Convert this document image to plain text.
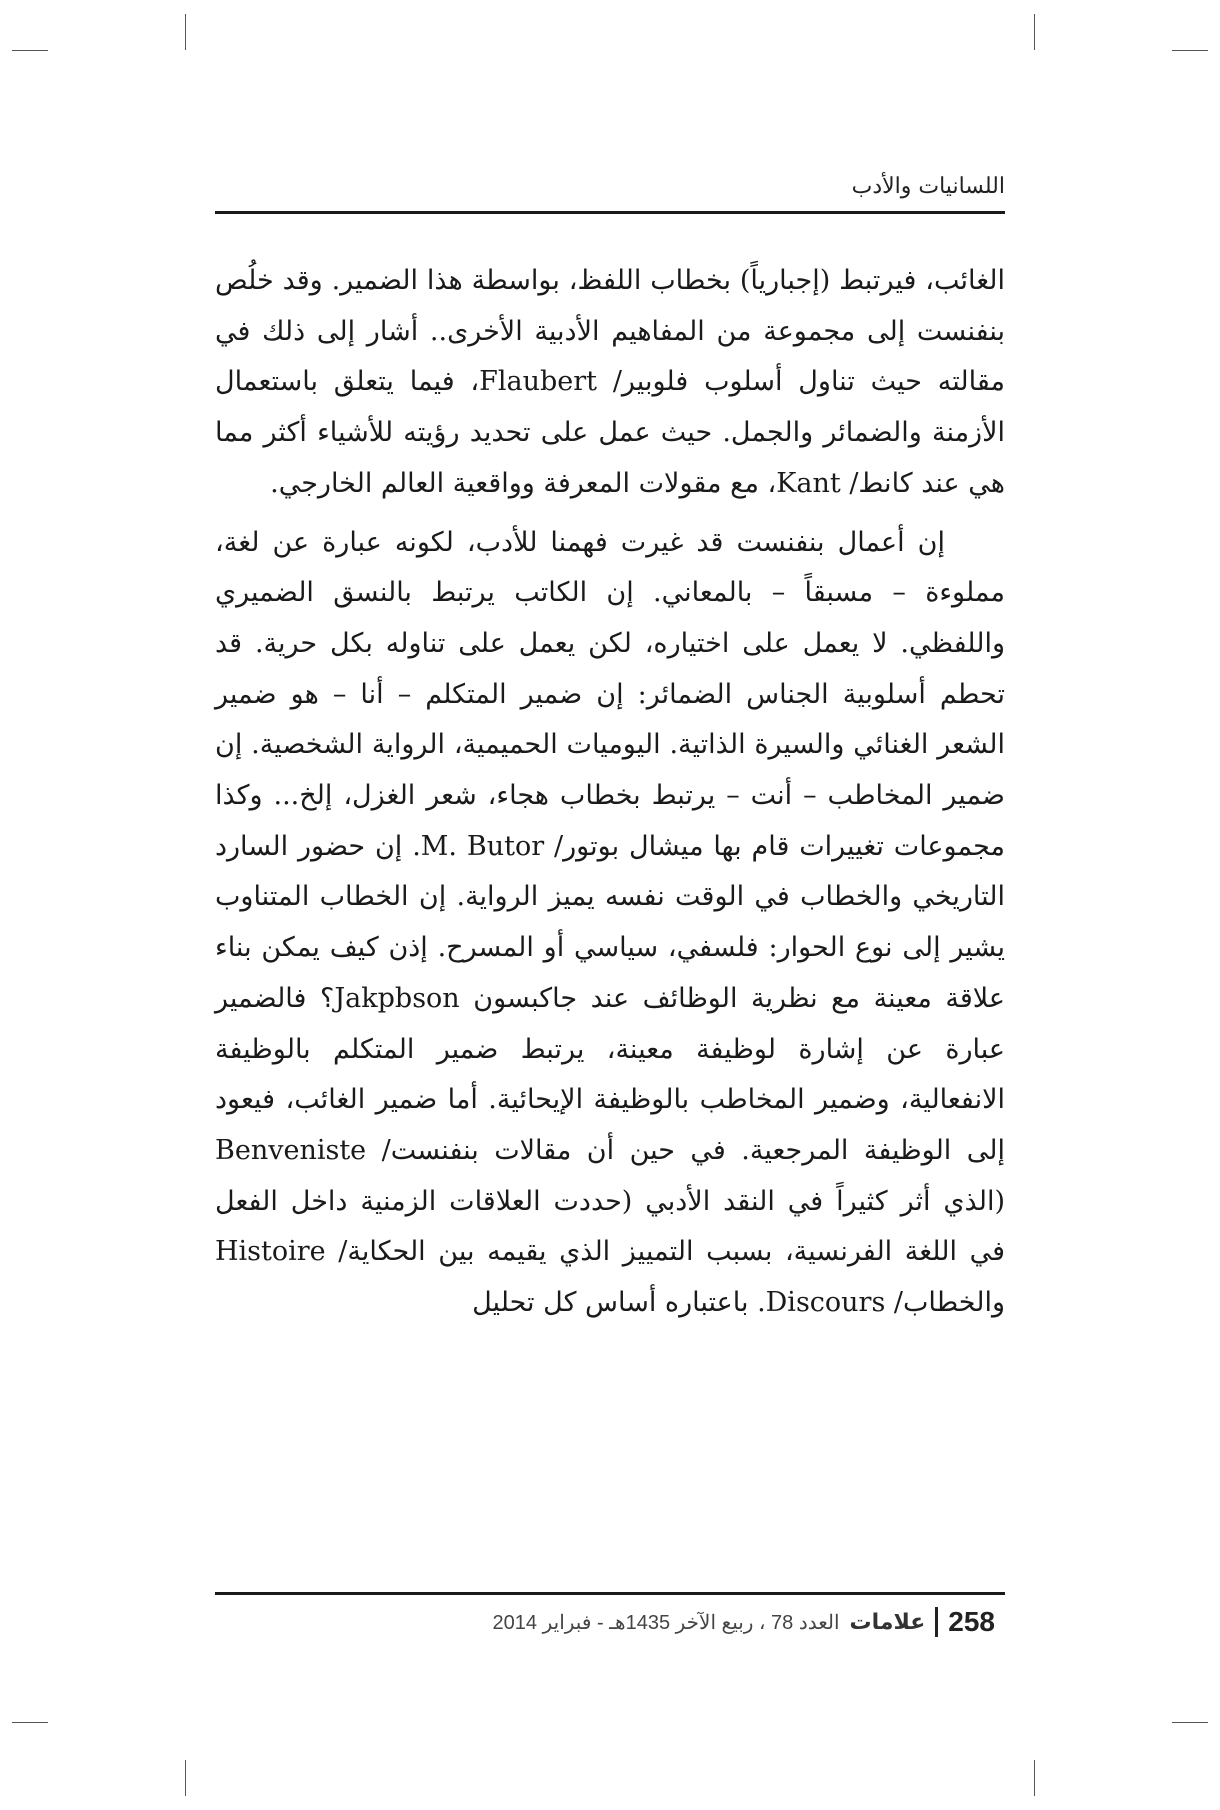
اللسانيات والأدب

الغائب، فيرتبط (إجبارياً) بخطاب اللفظ، بواسطة هذا الضمير. وقد خلُص بنفنست إلى مجموعة من المفاهيم الأدبية الأخرى.. أشار إلى ذلك في مقالته حيث تناول أسلوب فلوبير/ Flaubert، فيما يتعلق باستعمال الأزمنة والضمائر والجمل. حيث عمل على تحديد رؤيته للأشياء أكثر مما هي عند كانط/ Kant، مع مقولات المعرفة وواقعية العالم الخارجي.

إن أعمال بنفنست قد غيرت فهمنا للأدب، لكونه عبارة عن لغة، مملوءة – مسبقاً – بالمعاني. إن الكاتب يرتبط بالنسق الضميري واللفظي. لا يعمل على اختياره، لكن يعمل على تناوله بكل حرية. قد تحطم أسلوبية الجناس الضمائر: إن ضمير المتكلم – أنا – هو ضمير الشعر الغنائي والسيرة الذاتية. اليوميات الحميمية، الرواية الشخصية. إن ضمير المخاطب – أنت – يرتبط بخطاب هجاء، شعر الغزل، إلخ... وكذا مجموعات تغييرات قام بها ميشال بوتور/ M. Butor. إن حضور السارد التاريخي والخطاب في الوقت نفسه يميز الرواية. إن الخطاب المتناوب يشير إلى نوع الحوار: فلسفي، سياسي أو المسرح. إذن كيف يمكن بناء علاقة معينة مع نظرية الوظائف عند جاكبسون Jakpbson؟ فالضمير عبارة عن إشارة لوظيفة معينة، يرتبط ضمير المتكلم بالوظيفة الانفعالية، وضمير المخاطب بالوظيفة الإيحائية. أما ضمير الغائب، فيعود إلى الوظيفة المرجعية. في حين أن مقالات بنفنست/ Benveniste (الذي أثر كثيراً في النقد الأدبي (حددت العلاقات الزمنية داخل الفعل في اللغة الفرنسية، بسبب التمييز الذي يقيمه بين الحكاية/ Histoire والخطاب/ Discours. باعتباره أساس كل تحليل

258
علامات
العدد 78 ، ربيع الآخر 1435هـ - فبراير 2014
